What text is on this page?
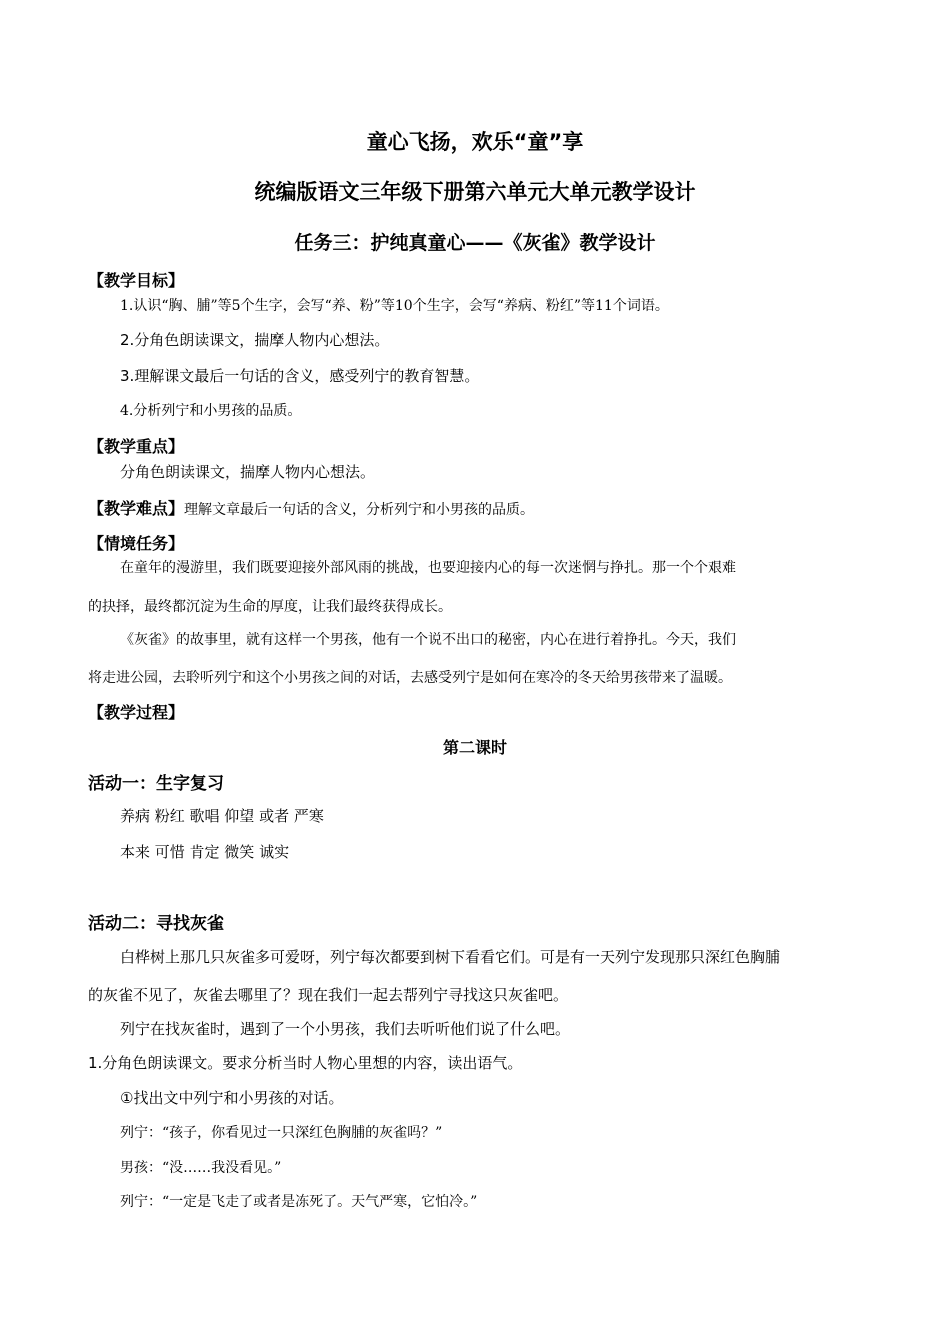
童心飞扬，欢乐“童”享
统编版语文三年级下册第六单元大单元教学设计
任务三：护纯真童心——《灰雀》教学设计
【教学目标】
1.认识“胸、脯”等5个生字，会写“养、粉”等10个生字，会写“养病、粉红”等11个词语。
2.分角色朗读课文，揣摩人物内心想法。
3.理解课文最后一句话的含义，感受列宁的教育智慧。
4.分析列宁和小男孩的品质。
【教学重点】
分角色朗读课文，揣摩人物内心想法。
【教学难点】理解文章最后一句话的含义，分析列宁和小男孩的品质。
【情境任务】
在童年的漫游里，我们既要迎接外部风雨的挑战，也要迎接内心的每一次迷惘与挣扎。那一个个艰难
的抉择，最终都沉淀为生命的厚度，让我们最终获得成长。
《灰雀》的故事里，就有这样一个男孩，他有一个说不出口的秘密，内心在进行着挣扎。今天，我们
将走进公园，去聆听列宁和这个小男孩之间的对话，去感受列宁是如何在寒冷的冬天给男孩带来了温暖。
【教学过程】
第二课时
活动一：生字复习
养病 粉红 歌唱 仰望 或者 严寒
本来 可惜 肯定 微笑 诚实
活动二：寻找灰雀
白桦树上那几只灰雀多可爱呀，列宁每次都要到树下看看它们。可是有一天列宁发现那只深红色胸脯
的灰雀不见了，灰雀去哪里了？现在我们一起去帮列宁寻找这只灰雀吧。
列宁在找灰雀时，遇到了一个小男孩，我们去听听他们说了什么吧。
1.分角色朗读课文。要求分析当时人物心里想的内容，读出语气。
①找出文中列宁和小男孩的对话。
列宁：“孩子，你看见过一只深红色胸脯的灰雀吗？”
男孩：“没……我没看见。”
列宁：“一定是飞走了或者是冻死了。天气严寒，它怕冷。”
